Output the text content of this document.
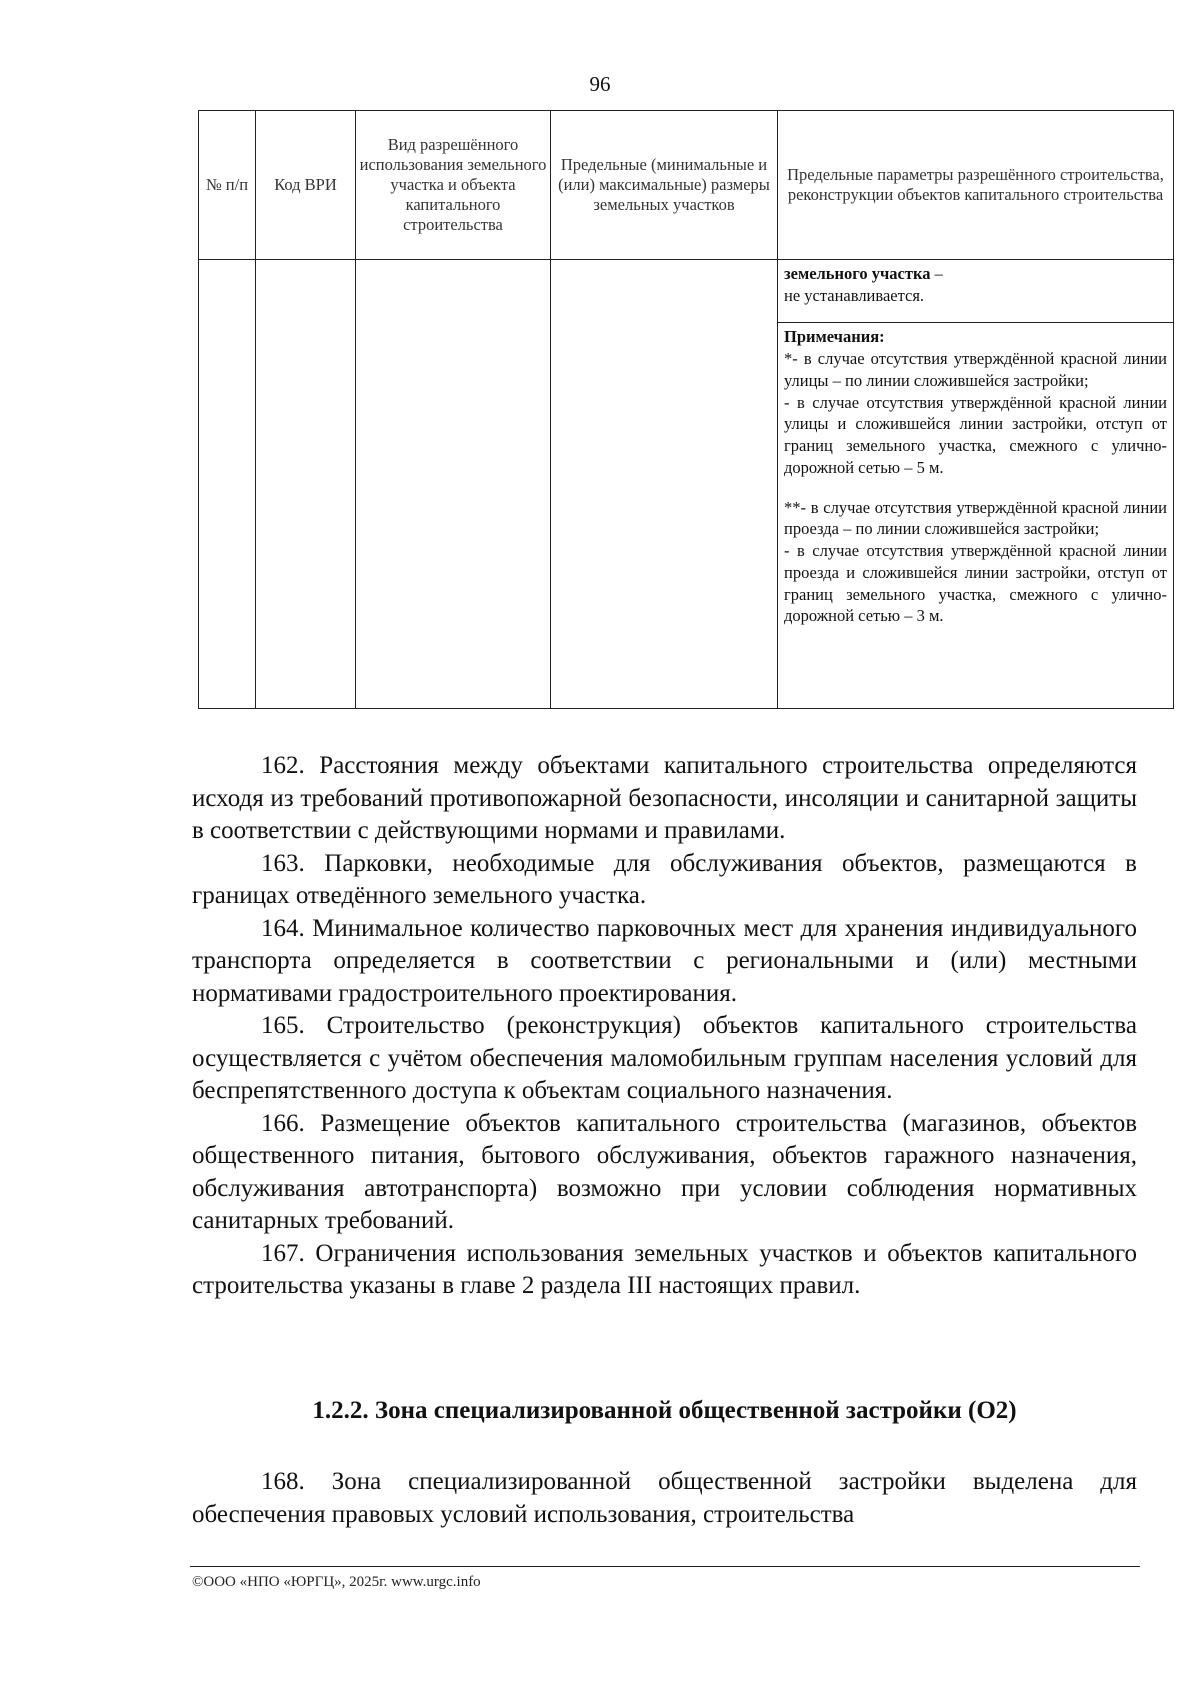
96
№ п/п	Код ВРИ	Вид разрешённого использования земельного участка и объекта капитального строительства	Предельные (минимальные и (или) максимальные) размеры земельных участков	Предельные параметры разрешённого строительства, реконструкции объектов капитального строительства

				земельного участка –
не устанавливается.

				Примечания:
*- в случае отсутствия утверждённой красной линии улицы – по линии сложившейся застройки;
- в случае отсутствия утверждённой красной линии улицы и сложившейся линии застройки, отступ от границ земельного участка, смежного с улично-дорожной сетью – 5 м.
**- в случае отсутствия утверждённой красной линии проезда – по линии сложившейся застройки;
- в случае отсутствия утверждённой красной линии проезда и сложившейся линии застройки, отступ от границ земельного участка, смежного с улично-дорожной сетью – 3 м.

162. Расстояния между объектами капитального строительства определяются исходя из требований противопожарной безопасности, инсоляции и санитарной защиты в соответствии с действующими нормами и правилами.

163. Парковки, необходимые для обслуживания объектов, размещаются в границах отведённого земельного участка.

164. Минимальное количество парковочных мест для хранения индивидуального транспорта определяется в соответствии с региональными и (или) местными нормативами градостроительного проектирования.

165. Строительство (реконструкция) объектов капитального строительства осуществляется с учётом обеспечения маломобильным группам населения условий для беспрепятственного доступа к объектам социального назначения.

166. Размещение объектов капитального строительства (магазинов, объектов общественного питания, бытового обслуживания, объектов гаражного назначения, обслуживания автотранспорта) возможно при условии соблюдения нормативных санитарных требований.

167. Ограничения использования земельных участков и объектов капитального строительства указаны в главе 2 раздела III настоящих правил.

1.2.2. Зона специализированной общественной застройки (О2)

168. Зона специализированной общественной застройки выделена для обеспечения правовых условий использования, строительства

©ООО «НПО «ЮРГЦ», 2025г. www.urgc.info
